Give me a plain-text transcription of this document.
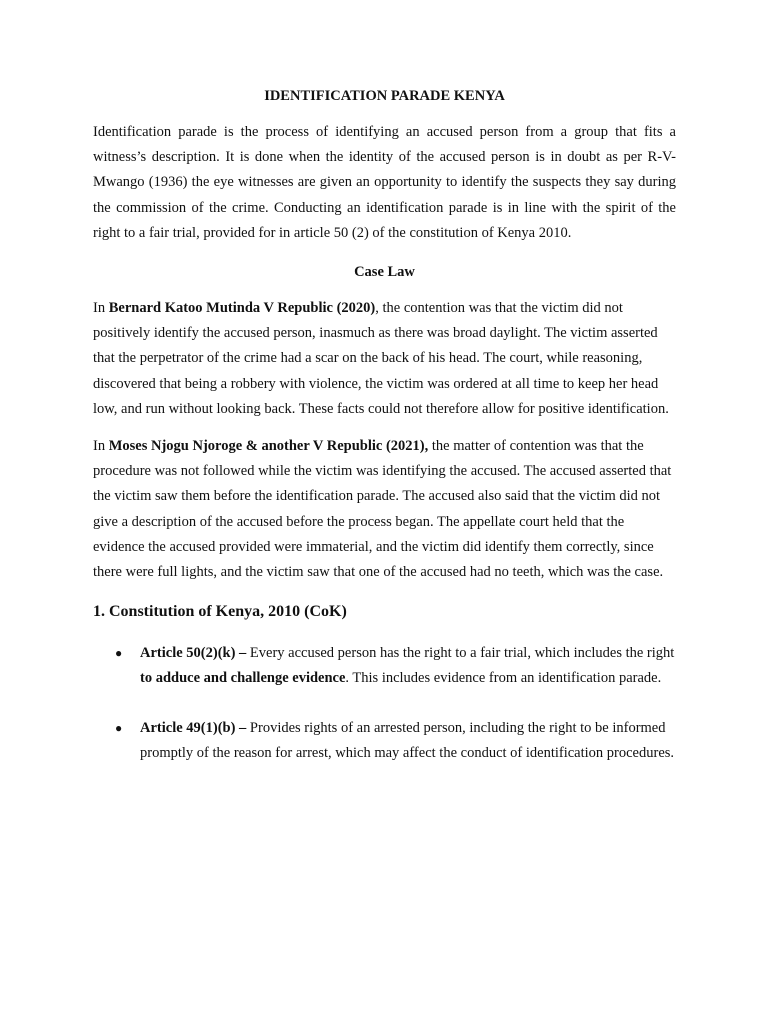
IDENTIFICATION PARADE KENYA

Identification parade is the process of identifying an accused person from a group that fits a witness’s description. It is done when the identity of the accused person is in doubt as per R-V- Mwango (1936) the eye witnesses are given an opportunity to identify the suspects they say during the commission of the crime. Conducting an identification parade is in line with the spirit of the right to a fair trial, provided for in article 50 (2) of the constitution of Kenya 2010.

Case Law

In Bernard Katoo Mutinda V Republic (2020), the contention was that the victim did not positively identify the accused person, inasmuch as there was broad daylight. The victim asserted that the perpetrator of the crime had a scar on the back of his head. The court, while reasoning, discovered that being a robbery with violence, the victim was ordered at all time to keep her head low, and run without looking back. These facts could not therefore allow for positive identification.

In Moses Njogu Njoroge & another V Republic (2021), the matter of contention was that the procedure was not followed while the victim was identifying the accused. The accused asserted that the victim saw them before the identification parade. The accused also said that the victim did not give a description of the accused before the process began. The appellate court held that the evidence the accused provided were immaterial, and the victim did identify them correctly, since there were full lights, and the victim saw that one of the accused had no teeth, which was the case.

1. Constitution of Kenya, 2010 (CoK)
● Article 50(2)(k) – Every accused person has the right to a fair trial, which includes the right to adduce and challenge evidence. This includes evidence from an identification parade.
● Article 49(1)(b) – Provides rights of an arrested person, including the right to be informed promptly of the reason for arrest, which may affect the conduct of identification procedures.
